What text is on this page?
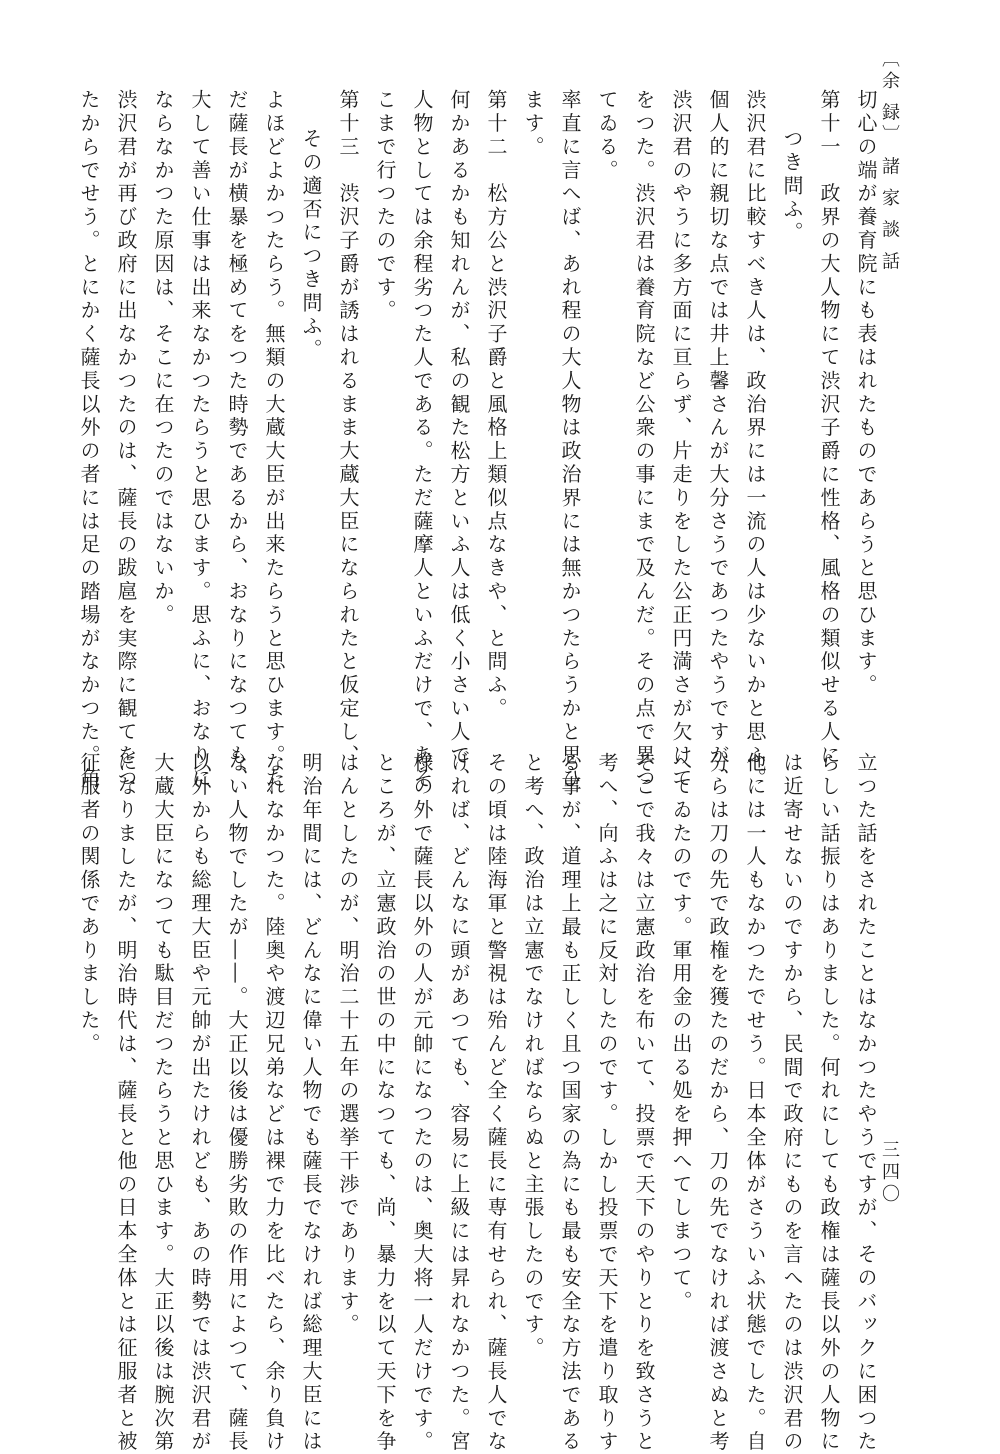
〔余 録〕 諸 家 談 話
三四〇
切心の端が養育院にも表はれたものであらうと思ひます。
第十一　政界の大人物にて渋沢子爵に性格、風格の類似せる人に
つき問ふ。
渋沢君に比較すべき人は、政治界には一流の人は少ないかと思ふ。
個人的に親切な点では井上馨さんが大分さうであつたやうですが、
渋沢君のやうに多方面に亘らず、片走りをした公正円満さが欠けて
をつた。渋沢君は養育院など公衆の事にまで及んだ。その点で異つ
てゐる。
率直に言へば、あれ程の大人物は政治界には無かつたらうかと思ひ
ます。
第十二　松方公と渋沢子爵と風格上類似点なきや、と問ふ。
何かあるかも知れんが、私の観た松方といふ人は低く小さい人で、
人物としては余程劣つた人である。ただ薩摩人といふだけで、あそ
こまで行つたのです。
第十三　渋沢子爵が誘はれるまま大蔵大臣になられたと仮定し、
その適否につき問ふ。
よほどよかつたらう。無類の大蔵大臣が出来たらうと思ひます。た
だ薩長が横暴を極めてをつた時勢であるから、おなりになつても、
大して善い仕事は出来なかつたらうと思ひます。思ふに、おなりに
ならなかつた原因は、そこに在つたのではないか。
渋沢君が再び政府に出なかつたのは、薩長の跋扈を実際に観てをつ
たからでせう。とにかく薩長以外の者には足の踏場がなかつた。角
立つた話をされたことはなかつたやうですが、そのバックに困つた
らしい話振りはありました。何れにしても政権は薩長以外の人物に
は近寄せないのですから、民間で政府にものを言へたのは渋沢君の
他には一人もなかつたでせう。日本全体がさういふ状態でした。自
分らは刀の先で政権を獲たのだから、刀の先でなければ渡さぬと考
へてゐたのです。軍用金の出る処を押へてしまつて。
そこで我々は立憲政治を布いて、投票で天下のやりとりを致さうと
考へ、向ふは之に反対したのです。しかし投票で天下を遣り取りす
る事が、道理上最も正しく且つ国家の為にも最も安全な方法である
と考へ、政治は立憲でなければならぬと主張したのです。
その頃は陸海軍と警視は殆んど全く薩長に専有せられ、薩長人でな
ければ、どんなに頭があつても、容易に上級には昇れなかつた。宮
様の外で薩長以外の人が元帥になつたのは、奥大将一人だけです。
ところが、立憲政治の世の中になつても、尚、暴力を以て天下を争
はんとしたのが、明治二十五年の選挙干渉であります。
明治年間には、どんなに偉い人物でも薩長でなければ総理大臣には
なれなかつた。陸奥や渡辺兄弟などは裸で力を比べたら、余り負け
ない人物でしたが――。大正以後は優勝劣敗の作用によつて、薩長
以外からも総理大臣や元帥が出たけれども、あの時勢では渋沢君が
大蔵大臣になつても駄目だつたらうと思ひます。大正以後は腕次第
になりましたが、明治時代は、薩長と他の日本全体とは征服者と被
征服者の関係でありました。
